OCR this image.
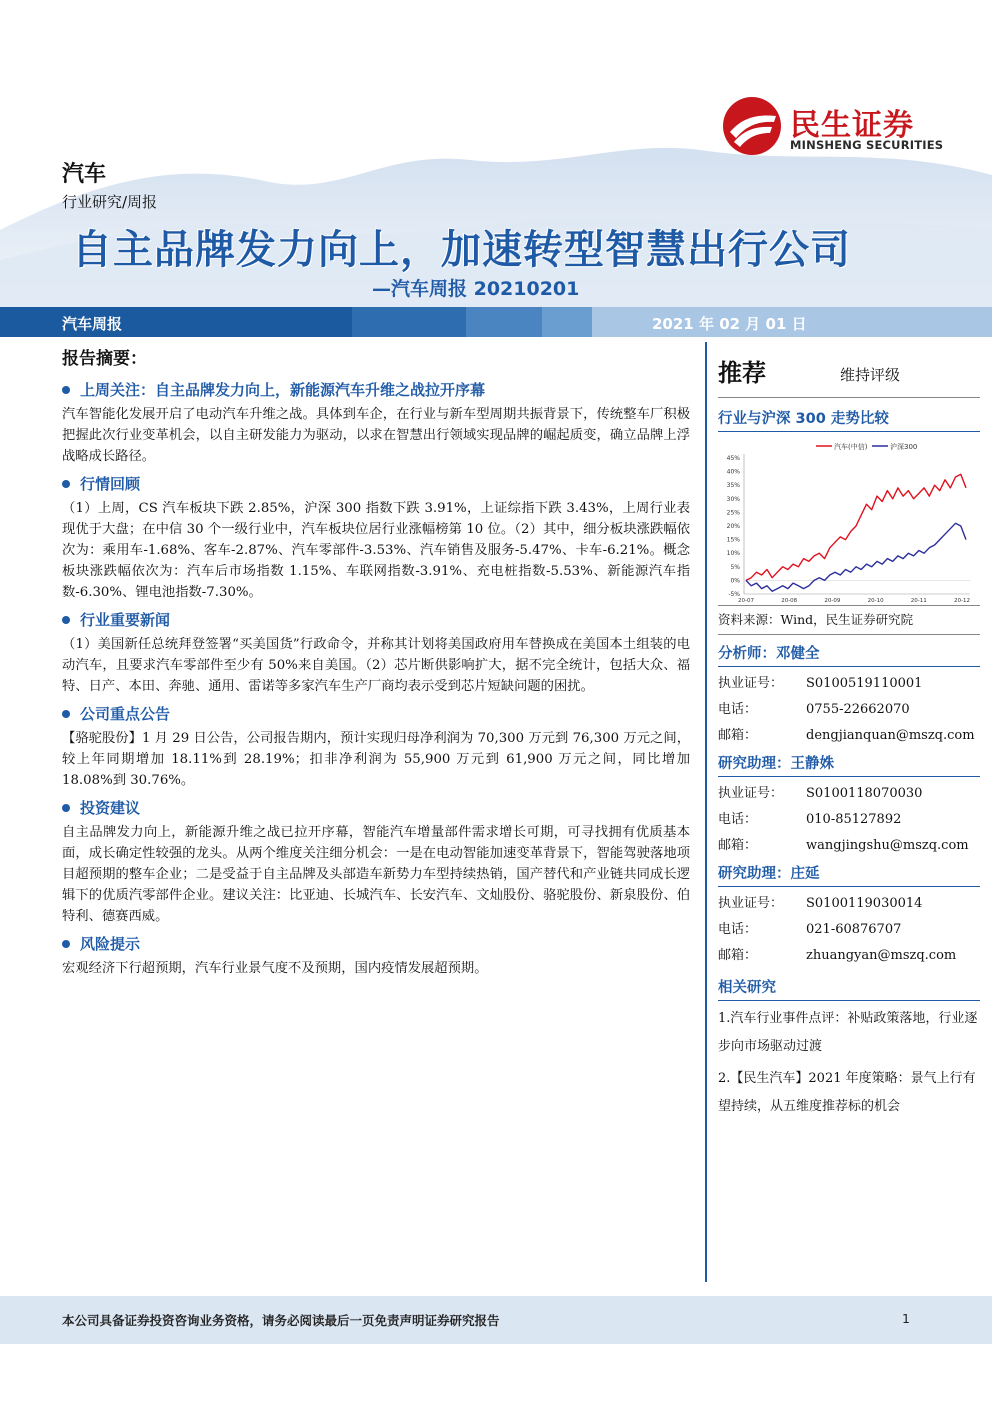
民生证券
MINSHENG SECURITIES
汽车
行业研究/周报
自主品牌发力向上，加速转型智慧出行公司
—汽车周报 20210201
汽车周报	2021 年 02 月 01 日
报告摘要：
上周关注：自主品牌发力向上，新能源汽车升维之战拉开序幕

汽车智能化发展开启了电动汽车升维之战。具体到车企，在行业与新车型周期共振背景下，传统整车厂积极把握此次行业变革机会，以自主研发能力为驱动，以求在智慧出行领域实现品牌的崛起质变，确立品牌上浮战略成长路径。

行情回顾

（1）上周，CS 汽车板块下跌 2.85%，沪深 300 指数下跌 3.91%，上证综指下跌 3.43%，上周行业表现优于大盘；在中信 30 个一级行业中，汽车板块位居行业涨幅榜第 10 位。（2）其中，细分板块涨跌幅依次为：乘用车-1.68%、客车-2.87%、汽车零部件-3.53%、汽车销售及服务-5.47%、卡车-6.21%。概念板块涨跌幅依次为：汽车后市场指数 1.15%、车联网指数-3.91%、充电桩指数-5.53%、新能源汽车指数-6.30%、锂电池指数-7.30%。

行业重要新闻

（1）美国新任总统拜登签署“买美国货”行政命令，并称其计划将美国政府用车替换成在美国本土组装的电动汽车，且要求汽车零部件至少有 50%来自美国。（2）芯片断供影响扩大，据不完全统计，包括大众、福特、日产、本田、奔驰、通用、雷诺等多家汽车生产厂商均表示受到芯片短缺问题的困扰。

公司重点公告

【骆驼股份】1 月 29 日公告，公司报告期内，预计实现归母净利润为 70,300 万元到 76,300 万元之间，较上年同期增加 18.11%到 28.19%；扣非净利润为 55,900 万元到 61,900 万元之间，同比增加 18.08%到 30.76%。

投资建议

自主品牌发力向上，新能源升维之战已拉开序幕，智能汽车增量部件需求增长可期，可寻找拥有优质基本面，成长确定性较强的龙头。从两个维度关注细分机会：一是在电动智能加速变革背景下，智能驾驶落地项目超预期的整车企业；二是受益于自主品牌及头部造车新势力车型持续热销，国产替代和产业链共同成长逻辑下的优质汽零部件企业。建议关注：比亚迪、长城汽车、长安汽车、文灿股份、骆驼股份、新泉股份、伯特利、德赛西威。

风险提示

宏观经济下行超预期，汽车行业景气度不及预期，国内疫情发展超预期。

推荐	维持评级
行业与沪深 300 走势比较
汽车(中信)	沪深300
45%
40%
35%
30%
25%
20%
15%
10%
5%
0%
-5%
20-07	20-08	20-09	20-10	20-11	20-12
资料来源：Wind，民生证券研究院
分析师：邓健全
执业证号：	S0100519110001
电话：	0755-22662070
邮箱：	dengjianquan@mszq.com
研究助理：王静姝
执业证号：	S0100118070030
电话：	010-85127892
邮箱：	wangjingshu@mszq.com
研究助理：庄延
执业证号：	S0100119030014
电话：	021-60876707
邮箱：	zhuangyan@mszq.com
相关研究
1.汽车行业事件点评：补贴政策落地，行业逐步向市场驱动过渡
2.【民生汽车】2021 年度策略：景气上行有望持续，从五维度推荐标的机会
本公司具备证券投资咨询业务资格，请务必阅读最后一页免责声明证券研究报告	1
